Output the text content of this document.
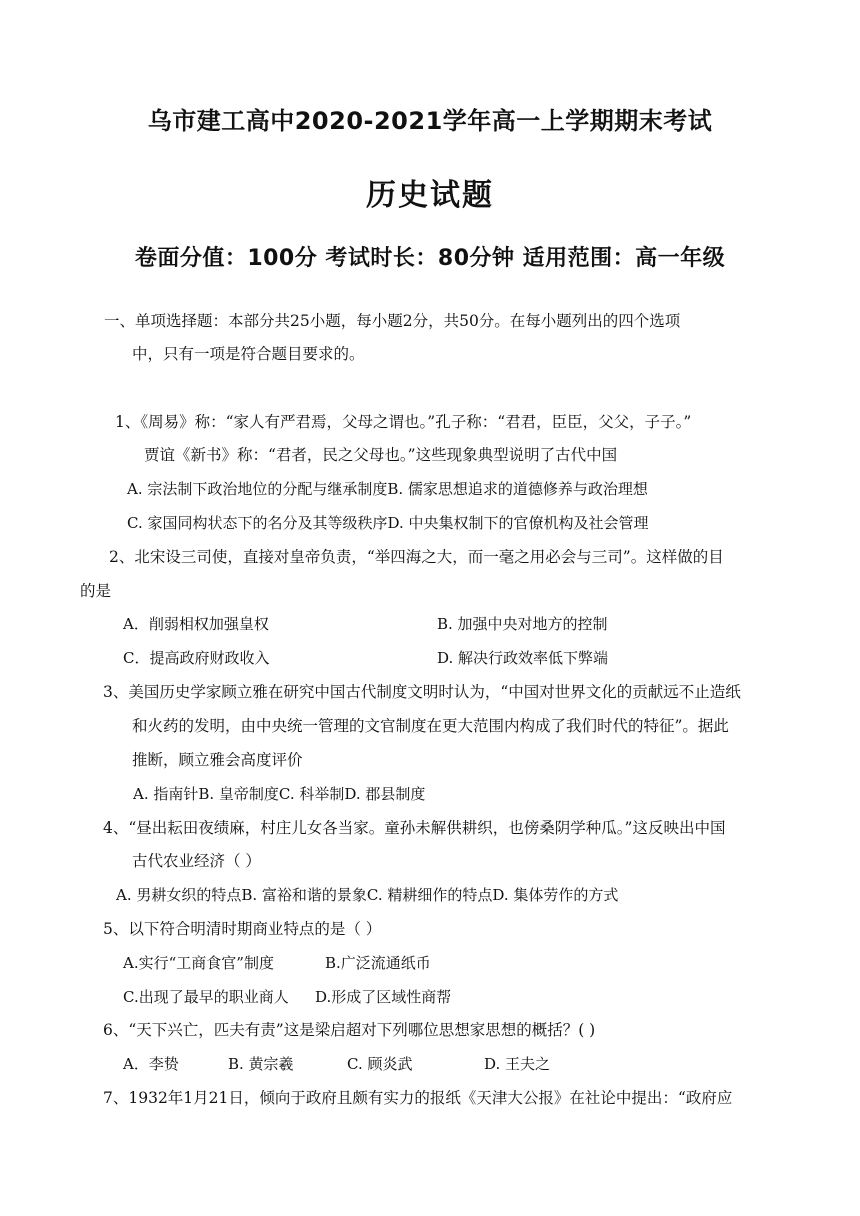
乌市建工高中2020-2021学年高一上学期期末考试
历史试题
卷面分值：100分 考试时长：80分钟 适用范围：高一年级
一、单项选择题：本部分共25小题，每小题2分，共50分。在每小题列出的四个选项
中，只有一项是符合题目要求的。
1、《周易》称：“家人有严君焉，父母之谓也。”孔子称：“君君，臣臣，父父，子子。”
贾谊《新书》称：“君者，民之父母也。”这些现象典型说明了古代中国
A. 宗法制下政治地位的分配与继承制度B. 儒家思想追求的道德修养与政治理想
C. 家国同构状态下的名分及其等级秩序D. 中央集权制下的官僚机构及社会管理
2、北宋设三司使，直接对皇帝负责，“举四海之大，而一毫之用必会与三司”。这样做的目
的是
A．削弱相权加强皇权	B. 加强中央对地方的控制
C．提高政府财政收入	D. 解决行政效率低下弊端
3、美国历史学家顾立雅在研究中国古代制度文明时认为，“中国对世界文化的贡献远不止造纸
和火药的发明，由中央统一管理的文官制度在更大范围内构成了我们时代的特征”。据此
推断，顾立雅会高度评价
A. 指南针B. 皇帝制度C. 科举制D. 郡县制度
4、“昼出耘田夜绩麻，村庄儿女各当家。童孙未解供耕织，也傍桑阴学种瓜。”这反映出中国
古代农业经济（ ）
A. 男耕女织的特点B. 富裕和谐的景象C. 精耕细作的特点D. 集体劳作的方式
5、以下符合明清时期商业特点的是（ ）
A.实行“工商食官”制度	B.广泛流通纸币
C.出现了最早的职业商人 D.形成了区域性商帮
6、“天下兴亡，匹夫有责”这是梁启超对下列哪位思想家思想的概括？( )
A．李贽	B. 黄宗羲	C. 顾炎武	D. 王夫之
7、1932年1月21日，倾向于政府且颇有实力的报纸《天津大公报》在社论中提出：“政府应
